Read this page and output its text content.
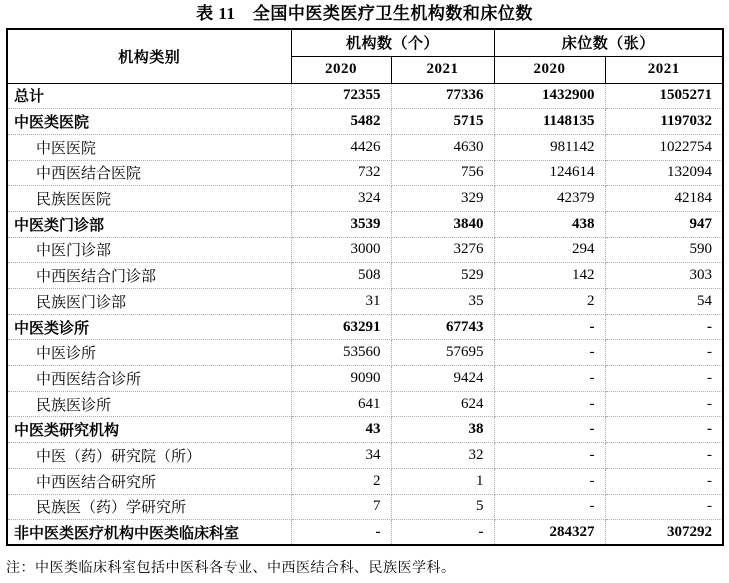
表 11　全国中医类医疗卫生机构数和床位数
机构类别	机构数（个）		床位数（张）	
	2020	2021	2020	2021
总计	72355	77336	1432900	1505271
中医类医院	5482	5715	1148135	1197032
中医医院	4426	4630	981142	1022754
中西医结合医院	732	756	124614	132094
民族医医院	324	329	42379	42184
中医类门诊部	3539	3840	438	947
中医门诊部	3000	3276	294	590
中西医结合门诊部	508	529	142	303
民族医门诊部	31	35	2	54
中医类诊所	63291	67743	-	-
中医诊所	53560	57695	-	-
中西医结合诊所	9090	9424	-	-
民族医诊所	641	624	-	-
中医类研究机构	43	38	-	-
中医（药）研究院（所）	34	32	-	-
中西医结合研究所	2	1	-	-
民族医（药）学研究所	7	5	-	-
非中医类医疗机构中医类临床科室	-	-	284327	307292
注：中医类临床科室包括中医科各专业、中西医结合科、民族医学科。
